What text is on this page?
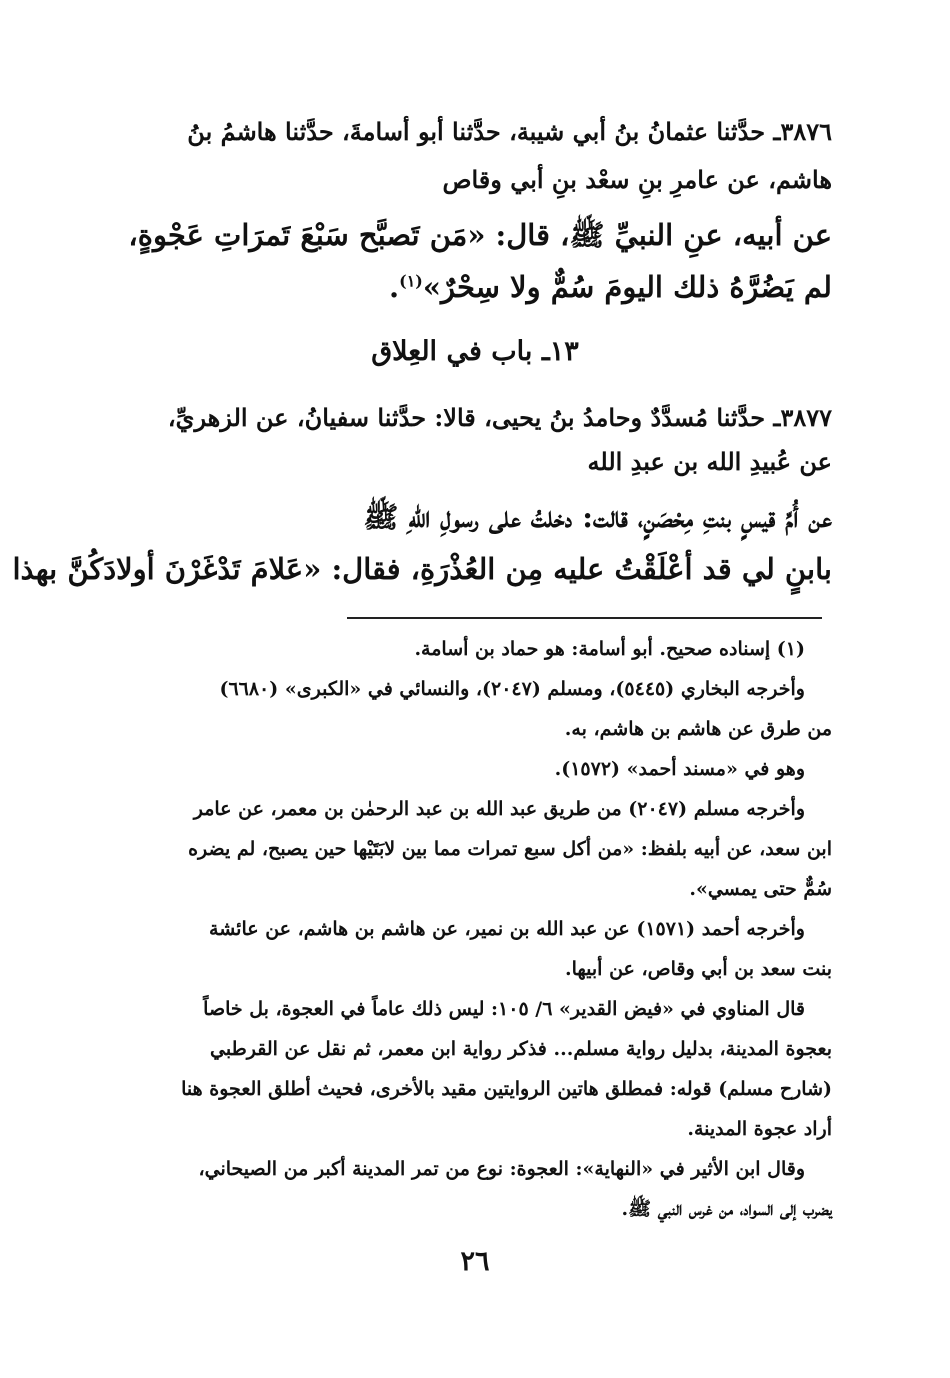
٣٨٧٦ـ حدَّثنا عثمانُ بنُ أبي شيبة، حدَّثنا أبو أسامةَ، حدَّثنا هاشمُ بنُ

هاشم، عن عامرِ بنِ سعْد بنِ أبي وقاص

عن أبيه، عنِ النبيِّ ﷺ، قال: «مَن تَصبَّح سَبْعَ تَمرَاتِ عَجْوةٍ،

لم يَضُرَّهُ ذلك اليومَ سُمٌّ ولا سِحْرٌ»$^{(١)}$.

١٣ـ باب في العِلاق

٣٨٧٧ـ حدَّثنا مُسدَّدٌ وحامدُ بنُ يحيى، قالا: حدَّثنا سفيانُ، عن الزهريِّ،

عن عُبيدِ الله بن عبدِ الله

عن أُمِّ قيسٍ بنتِ مِحْصَنٍ، قالت: دخلتُ على رسولِ اللهِ ﷺ

بابنٍ لي قد أعْلَقْتُ عليه مِن العُذْرَةِ، فقال: «عَلامَ تَدْغَرْنَ أولادَكُنَّ بهذا

(١) إسناده صحيح. أبو أسامة: هو حماد بن أسامة.

وأخرجه البخاري (٥٤٤٥)، ومسلم (٢٠٤٧)، والنسائي في «الكبرى» (٦٦٨٠)

من طرق عن هاشم بن هاشم، به.

وهو في «مسند أحمد» (١٥٧٢).

وأخرجه مسلم (٢٠٤٧) من طريق عبد الله بن عبد الرحمٰن بن معمر، عن عامر

ابن سعد، عن أبيه بلفظ: «من أكل سبع تمرات مما بين لابَتَيْها حين يصبح، لم يضره

سُمٌّ حتى يمسي».

وأخرجه أحمد (١٥٧١) عن عبد الله بن نمير، عن هاشم بن هاشم، عن عائشة

بنت سعد بن أبي وقاص، عن أبيها.

قال المناوي في «فيض القدير» ٦/ ١٠٥: ليس ذلك عاماً في العجوة، بل خاصاً

بعجوة المدينة، بدليل رواية مسلم... فذكر رواية ابن معمر، ثم نقل عن القرطبي

(شارح مسلم) قوله: فمطلق هاتين الروايتين مقيد بالأخرى، فحيث أطلق العجوة هنا

أراد عجوة المدينة.

وقال ابن الأثير في «النهاية»: العجوة: نوع من تمر المدينة أكبر من الصيحاني،

يضرب إلى السواد، من غرس النبي ﷺ.

٢٦
